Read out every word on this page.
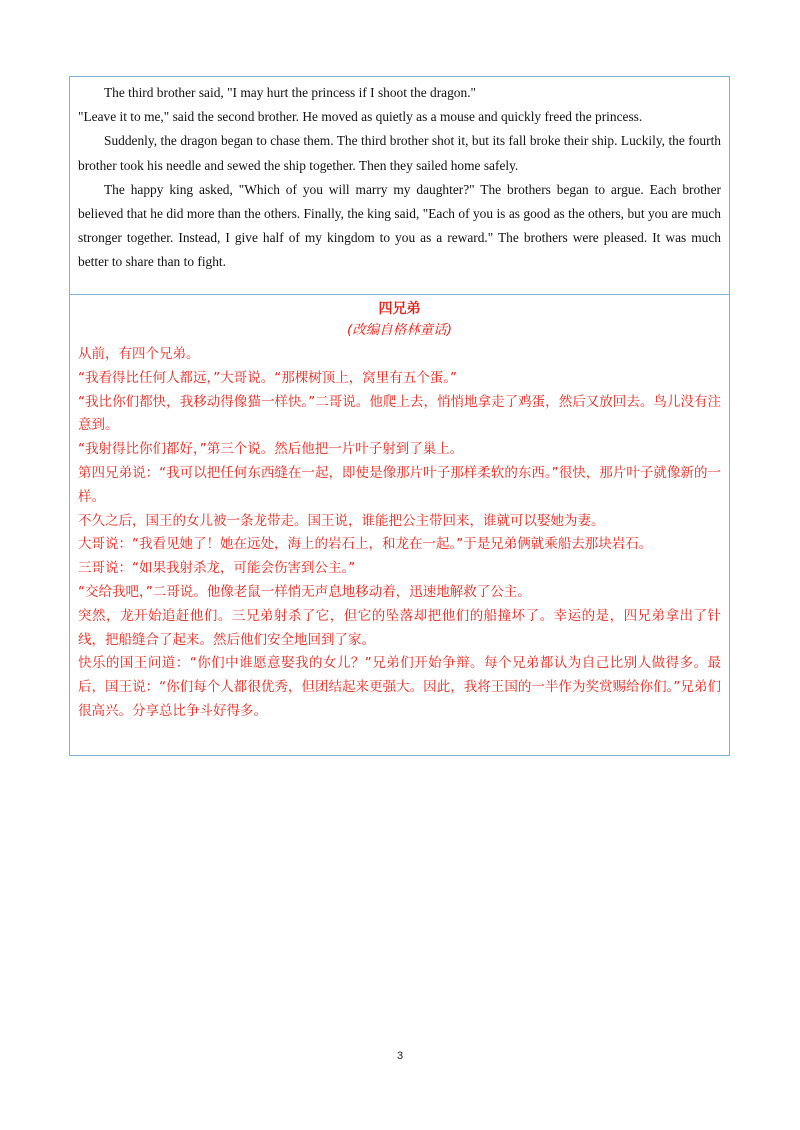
The third brother said, "I may hurt the princess if I shoot the dragon."

"Leave it to me," said the second brother. He moved as quietly as a mouse and quickly freed the princess.

Suddenly, the dragon began to chase them. The third brother shot it, but its fall broke their ship. Luckily, the fourth brother took his needle and sewed the ship together. Then they sailed home safely.

The happy king asked, "Which of you will marry my daughter?" The brothers began to argue. Each brother believed that he did more than the others. Finally, the king said, "Each of you is as good as the others, but you are much stronger together. Instead, I give half of my kingdom to you as a reward." The brothers were pleased. It was much better to share than to fight.

四兄弟
(改编自格林童话)

从前，有四个兄弟。

“我看得比任何人都远，”大哥说。“那棵树顶上，窝里有五个蛋。”

“我比你们都快，我移动得像猫一样快。”二哥说。他爬上去，悄悄地拿走了鸡蛋，然后又放回去。鸟儿没有注意到。

“我射得比你们都好，”第三个说。然后他把一片叶子射到了巢上。

第四兄弟说：“我可以把任何东西缝在一起，即使是像那片叶子那样柔软的东西。”很快，那片叶子就像新的一样。

不久之后，国王的女儿被一条龙带走。国王说，谁能把公主带回来，谁就可以娶她为妻。

大哥说：“我看见她了！她在远处，海上的岩石上，和龙在一起。”于是兄弟俩就乘船去那块岩石。

三哥说：“如果我射杀龙，可能会伤害到公主。”

“交给我吧，”二哥说。他像老鼠一样悄无声息地移动着，迅速地解救了公主。

突然，龙开始追赶他们。三兄弟射杀了它，但它的坠落却把他们的船撞坏了。幸运的是，四兄弟拿出了针线，把船缝合了起来。然后他们安全地回到了家。

快乐的国王问道：“你们中谁愿意娶我的女儿？”兄弟们开始争辩。每个兄弟都认为自己比别人做得多。最后，国王说：“你们每个人都很优秀，但团结起来更强大。因此，我将王国的一半作为奖赏赐给你们。”兄弟们很高兴。分享总比争斗好得多。

3
